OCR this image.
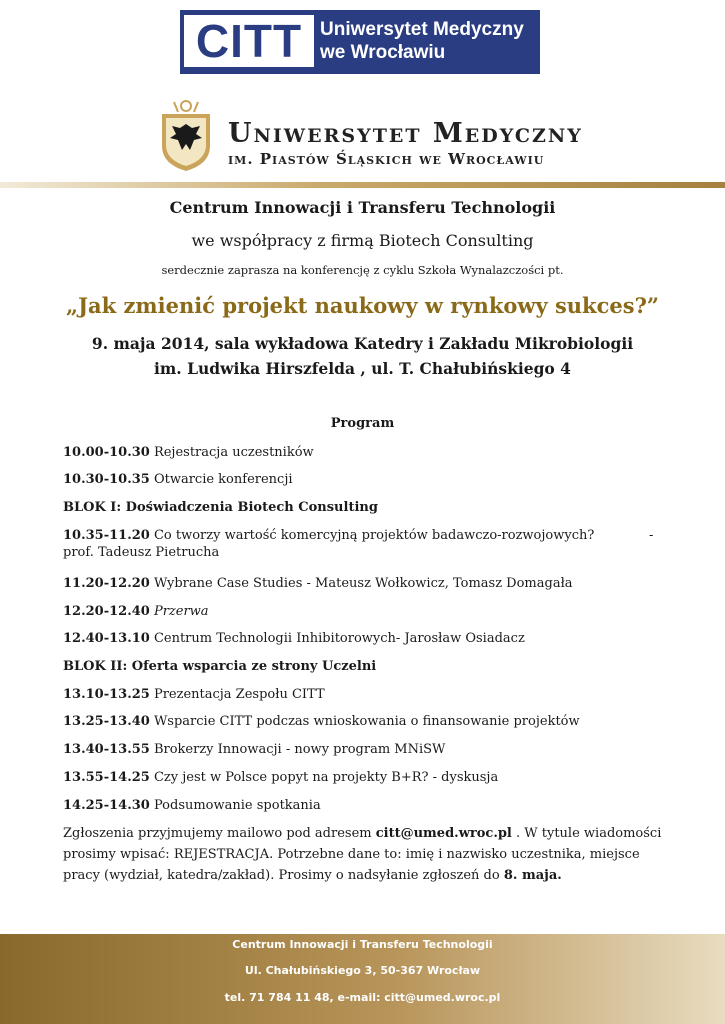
CITT Uniwersytet Medyczny
we Wrocławiu
Uniwersytet Medyczny
im. Piastów Śląskich we Wrocławiu
Centrum Innowacji i Transferu Technologii
we współpracy z firmą Biotech Consulting
serdecznie zaprasza na konferencję z cyklu Szkoła Wynalazczości pt.
„Jak zmienić projekt naukowy w rynkowy sukces?”
9. maja 2014, sala wykładowa Katedry i Zakładu Mikrobiologii
im. Ludwika Hirszfelda , ul. T. Chałubińskiego 4
Program
10.00-10.30 Rejestracja uczestników
10.30-10.35 Otwarcie konferencji
BLOK I: Doświadczenia Biotech Consulting
10.35-11.20 Co tworzy wartość komercyjną projektów badawczo-rozwojowych?	-

prof. Tadeusz Pietrucha
11.20-12.20 Wybrane Case Studies - Mateusz Wołkowicz, Tomasz Domagała
12.20-12.40 Przerwa
12.40-13.10 Centrum Technologii Inhibitorowych- Jarosław Osiadacz
BLOK II: Oferta wsparcia ze strony Uczelni
13.10-13.25 Prezentacja Zespołu CITT
13.25-13.40 Wsparcie CITT podczas wnioskowania o finansowanie projektów
13.40-13.55 Brokerzy Innowacji - nowy program MNiSW
13.55-14.25 Czy jest w Polsce popyt na projekty B+R? - dyskusja
14.25-14.30 Podsumowanie spotkania
Zgłoszenia przyjmujemy mailowo pod adresem citt@umed.wroc.pl . W tytule wiadomości prosimy wpisać: REJESTRACJA. Potrzebne dane to: imię i nazwisko uczestnika, miejsce pracy (wydział, katedra/zakład). Prosimy o nadsyłanie zgłoszeń do 8. maja.
Centrum Innowacji i Transferu Technologii
Ul. Chałubińskiego 3, 50-367 Wrocław
tel. 71 784 11 48, e-mail: citt@umed.wroc.pl
